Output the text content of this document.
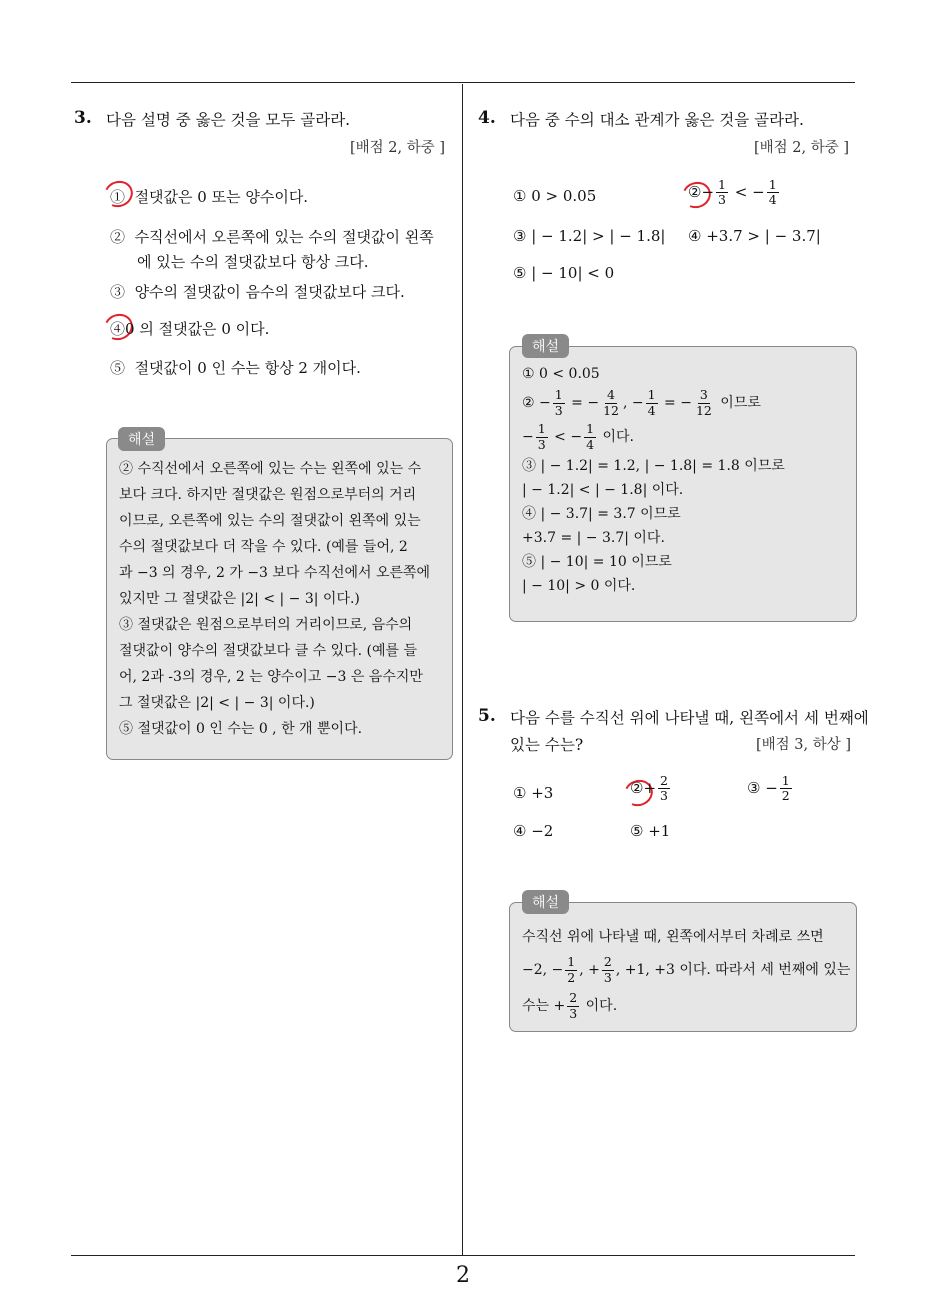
2
3. 다음 설명 중 옳은 것을 모두 골라라.
[배점 2, 하중 ]
① 절댓값은 0 또는 양수이다.
② 수직선에서 오른쪽에 있는 수의 절댓값이 왼쪽
에 있는 수의 절댓값보다 항상 크다.
③ 양수의 절댓값이 음수의 절댓값보다 크다.
④0 의 절댓값은 0 이다.
⑤ 절댓값이 0 인 수는 항상 2 개이다.
해설
② 수직선에서 오른쪽에 있는 수는 왼쪽에 있는 수
보다 크다. 하지만 절댓값은 원점으로부터의 거리
이므로, 오른쪽에 있는 수의 절댓값이 왼쪽에 있는
수의 절댓값보다 더 작을 수 있다. (예를 들어, 2
과 −3 의 경우, 2 가 −3 보다 수직선에서 오른쪽에
있지만 그 절댓값은 |2| < | − 3| 이다.)
③ 절댓값은 원점으로부터의 거리이므로, 음수의
절댓값이 양수의 절댓값보다 클 수 있다. (예를 들
어, 2과 -3의 경우, 2 는 양수이고 −3 은 음수지만
그 절댓값은 |2| < | − 3| 이다.)
⑤ 절댓값이 0 인 수는 0 , 한 개 뿐이다.
4. 다음 중 수의 대소 관계가 옳은 것을 골라라.
[배점 2, 하중 ]
① 0 > 0.05	②− $\frac{1}{3}$ < − $\frac{1}{4}$
③ | − 1.2| > | − 1.8| ④ +3.7 > | − 3.7|
⑤ | − 10| < 0
해설
① 0 < 0.05
② − $\frac{1}{3}$ = − $\frac{4}{12}$ , − $\frac{1}{4}$ = − $\frac{3}{12}$ 이므로
− $\frac{1}{3}$ < − $\frac{1}{4}$ 이다.
③ | − 1.2| = 1.2, | − 1.8| = 1.8 이므로
| − 1.2| < | − 1.8| 이다.
④ | − 3.7| = 3.7 이므로
+3.7 = | − 3.7| 이다.
⑤ | − 10| = 10 이므로
| − 10| > 0 이다.
5. 다음 수를 수직선 위에 나타낼 때, 왼쪽에서 세 번째에
있는 수는?	[배점 3, 하상 ]
① +3	②+ $\frac{2}{3}$	③ − $\frac{1}{2}$
④ −2	⑤ +1
해설
수직선 위에 나타낼 때, 왼쪽에서부터 차례로 쓰면
−2, − $\frac{1}{2}$ , + $\frac{2}{3}$ , +1, +3 이다. 따라서 세 번째에 있는
수는 + $\frac{2}{3}$ 이다.
